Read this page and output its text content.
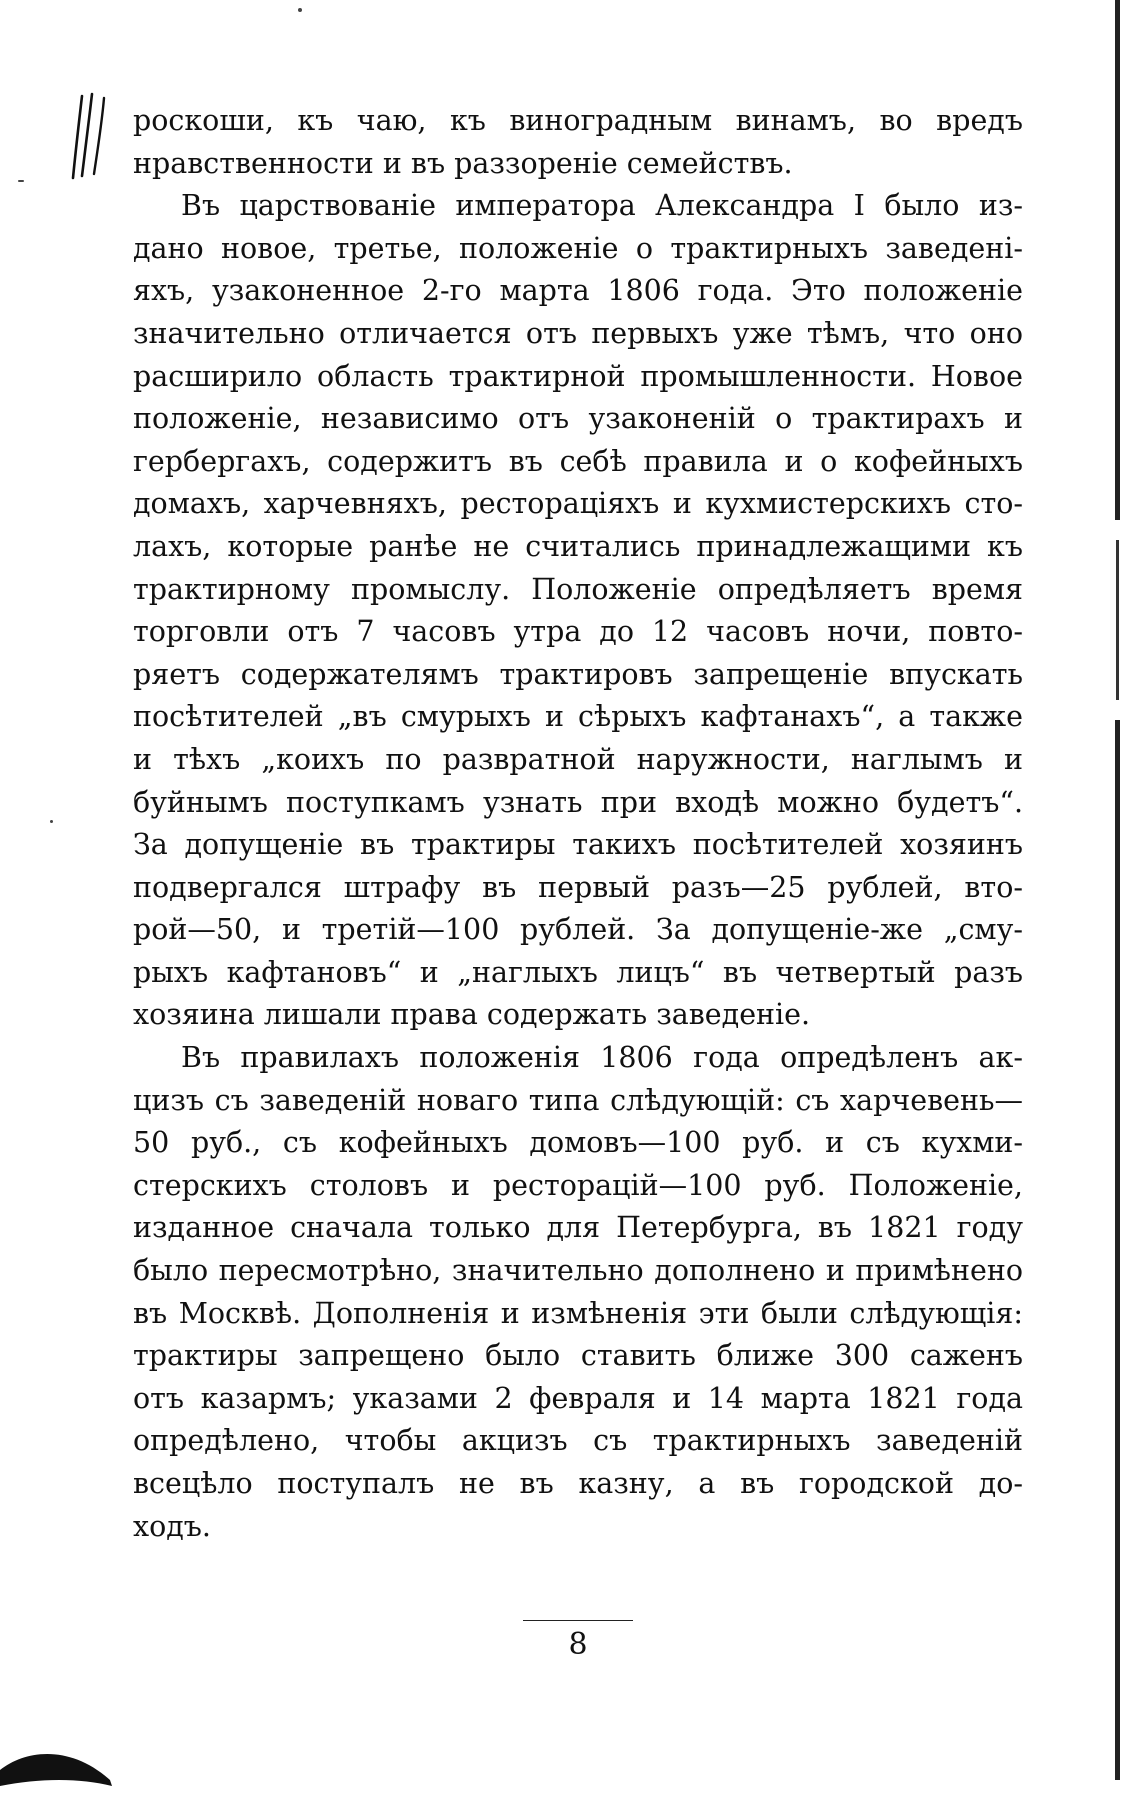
роскоши, къ чаю, къ виноградным винамъ, во вредъ
нравственности и въ раззореніе семействъ.
Въ царствованіе императора Александра I было из-
дано новое, третье, положеніе о трактирныхъ заведені-
яхъ, узаконенное 2-го марта 1806 года. Это положеніе
значительно отличается отъ первыхъ уже тѣмъ, что оно
расширило область трактирной промышленности. Новое
положеніе, независимо отъ узаконеній о трактирахъ и
гербергахъ, содержитъ въ себѣ правила и о кофейныхъ
домахъ, харчевняхъ, ресторацiяхъ и кухмистерскихъ сто-
лахъ, которые ранѣе не считались принадлежащими къ
трактирному промыслу. Положеніе опредѣляетъ время
торговли отъ 7 часовъ утра до 12 часовъ ночи, повто-
ряетъ содержателямъ трактировъ запрещеніе впускать
посѣтителей „въ смурыхъ и сѣрыхъ кафтанахъ“, а также
и тѣхъ „коихъ по развратной наружности, наглымъ и
буйнымъ поступкамъ узнать при входѣ можно будетъ“.
За допущеніе въ трактиры такихъ посѣтителей хозяинъ
подвергался штрафу въ первый разъ—25 рублей, вто-
рой—50, и третій—100 рублей. За допущеніе-же „сму-
рыхъ кафтановъ“ и „наглыхъ лицъ“ въ четвертый разъ
хозяина лишали права содержать заведеніе.
Въ правилахъ положенія 1806 года опредѣленъ ак-
цизъ съ заведеній новаго типа слѣдующій: съ харчевень—
50 руб., съ кофейныхъ домовъ—100 руб. и съ кухми-
стерскихъ столовъ и ресторацій—100 руб. Положеніе,
изданное сначала только для Петербурга, въ 1821 году
было пересмотрѣно, значительно дополнено и примѣнено
въ Москвѣ. Дополненія и измѣненія эти были слѣдующія:
трактиры запрещено было ставить ближе 300 саженъ
отъ казармъ; указами 2 февраля и 14 марта 1821 года
опредѣлено, чтобы акцизъ съ трактирныхъ заведеній
всецѣло поступалъ не въ казну, а въ городской до-
ходъ.
8
